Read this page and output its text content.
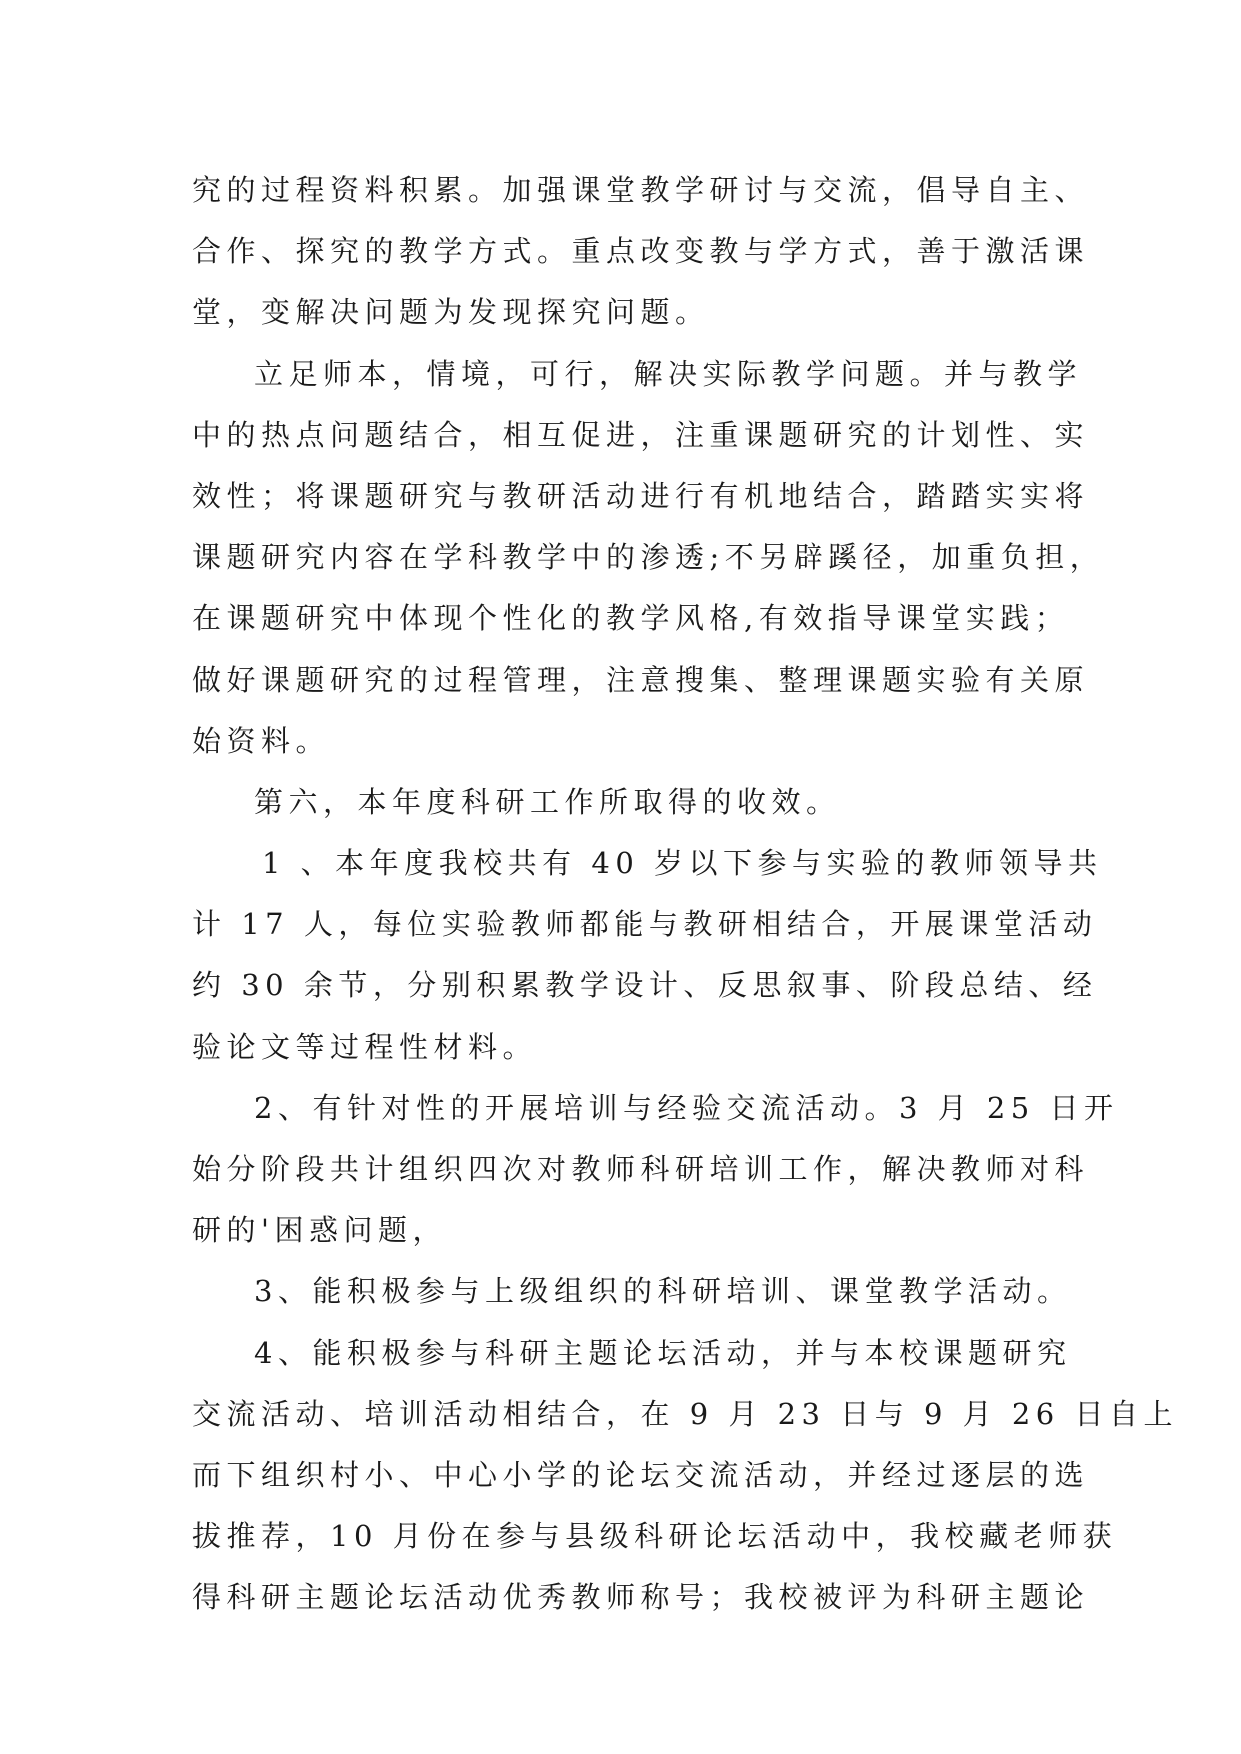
究的过程资料积累。加强课堂教学研讨与交流，倡导自主、
合作、探究的教学方式。重点改变教与学方式，善于激活课
堂，变解决问题为发现探究问题。
立足师本，情境，可行，解决实际教学问题。并与教学
中的热点问题结合，相互促进，注重课题研究的计划性、实
效性；将课题研究与教研活动进行有机地结合，踏踏实实将
课题研究内容在学科教学中的渗透;不另辟蹊径，加重负担，
在课题研究中体现个性化的教学风格,有效指导课堂实践；
做好课题研究的过程管理，注意搜集、整理课题实验有关原
始资料。
第六，本年度科研工作所取得的收效。
1 、本年度我校共有 40 岁以下参与实验的教师领导共
计 17 人，每位实验教师都能与教研相结合，开展课堂活动
约 30 余节，分别积累教学设计、反思叙事、阶段总结、经
验论文等过程性材料。
2、有针对性的开展培训与经验交流活动。3 月 25 日开
始分阶段共计组织四次对教师科研培训工作，解决教师对科
研的'困惑问题，
3、能积极参与上级组织的科研培训、课堂教学活动。
4、能积极参与科研主题论坛活动，并与本校课题研究
交流活动、培训活动相结合，在 9 月 23 日与 9 月 26 日自上
而下组织村小、中心小学的论坛交流活动，并经过逐层的选
拔推荐，10 月份在参与县级科研论坛活动中，我校藏老师获
得科研主题论坛活动优秀教师称号；我校被评为科研主题论
